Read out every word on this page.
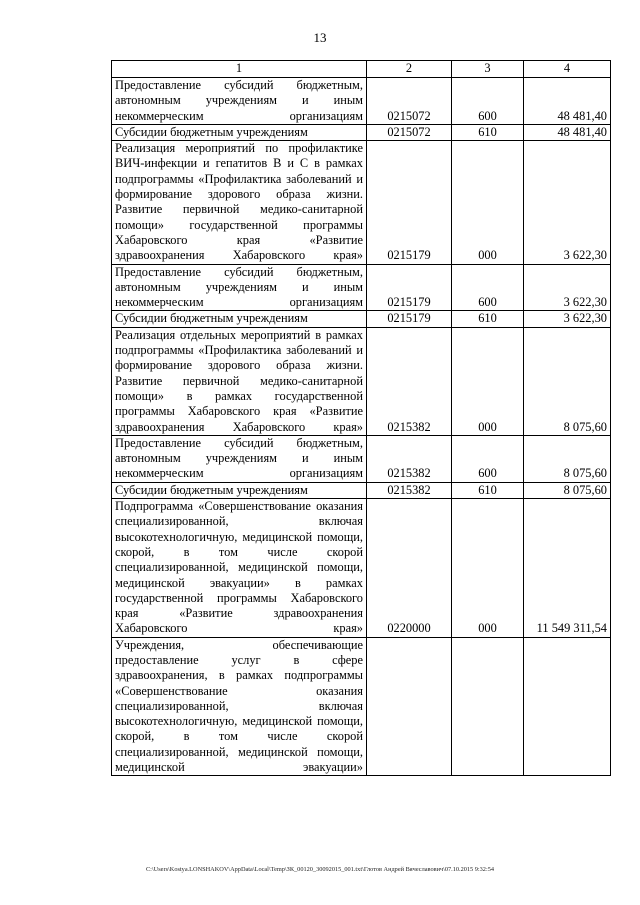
13
1	2	3	4
Предоставление субсидий бюджетным, автономным учреждениям и иным некоммерческим организациям	0215072	600	48 481,40
Субсидии бюджетным учреждениям	0215072	610	48 481,40
Реализация мероприятий по профилактике ВИЧ-инфекции и гепатитов В и С в рамках подпрограммы «Профилактика заболеваний и формирование здорового образа жизни. Развитие первичной медико-санитарной помощи» государственной программы Хабаровского края «Развитие здравоохранения Хабаровского края»	0215179	000	3 622,30
Предоставление субсидий бюджетным, автономным учреждениям и иным некоммерческим организациям	0215179	600	3 622,30
Субсидии бюджетным учреждениям	0215179	610	3 622,30
Реализация отдельных мероприятий в рамках подпрограммы «Профилактика заболеваний и формирование здорового образа жизни. Развитие первичной медико-санитарной помощи» в рамках государственной программы Хабаровского края «Развитие здравоохранения Хабаровского края»	0215382	000	8 075,60
Предоставление субсидий бюджетным, автономным учреждениям и иным некоммерческим организациям	0215382	600	8 075,60
Субсидии бюджетным учреждениям	0215382	610	8 075,60
Подпрограмма «Совершенствование оказания специализированной, включая высокотехнологичную, медицинской помощи, скорой, в том числе скорой специализированной, медицинской помощи, медицинской эвакуации» в рамках государственной программы Хабаровского края «Развитие здравоохранения Хабаровского края»	0220000	000	11 549 311,54
Учреждения, обеспечивающие предоставление услуг в сфере здравоохранения, в рамках подпрограммы «Совершенствование оказания специализированной, включая высокотехнологичную, медицинской помощи, скорой, в том числе скорой специализированной, медицинской помощи, медицинской эвакуации»			
C:\Users\Kostya.LONSHAKOV\AppData\Local\Temp\ЗК_00120_30092015_001.txt\Глотов Андрей Вячеславович\07.10.2015 9:32:54
